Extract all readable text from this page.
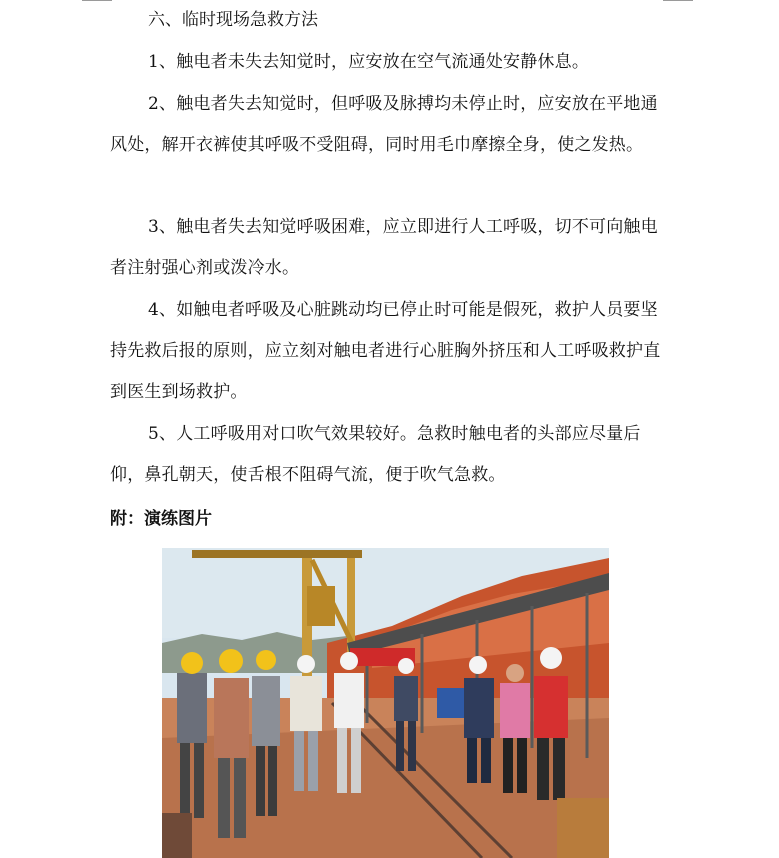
六、临时现场急救方法
1、触电者未失去知觉时，应安放在空气流通处安静休息。
2、触电者失去知觉时，但呼吸及脉搏均未停止时，应安放在平地通风处，解开衣裤使其呼吸不受阻碍，同时用毛巾摩擦全身，使之发热。
3、触电者失去知觉呼吸困难，应立即进行人工呼吸，切不可向触电者注射强心剂或泼冷水。
4、如触电者呼吸及心脏跳动均已停止时可能是假死，救护人员要坚持先救后报的原则，应立刻对触电者进行心脏胸外挤压和人工呼吸救护直到医生到场救护。
5、人工呼吸用对口吹气效果较好。急救时触电者的头部应尽量后仰，鼻孔朝天，使舌根不阻碍气流，便于吹气急救。
附：演练图片
